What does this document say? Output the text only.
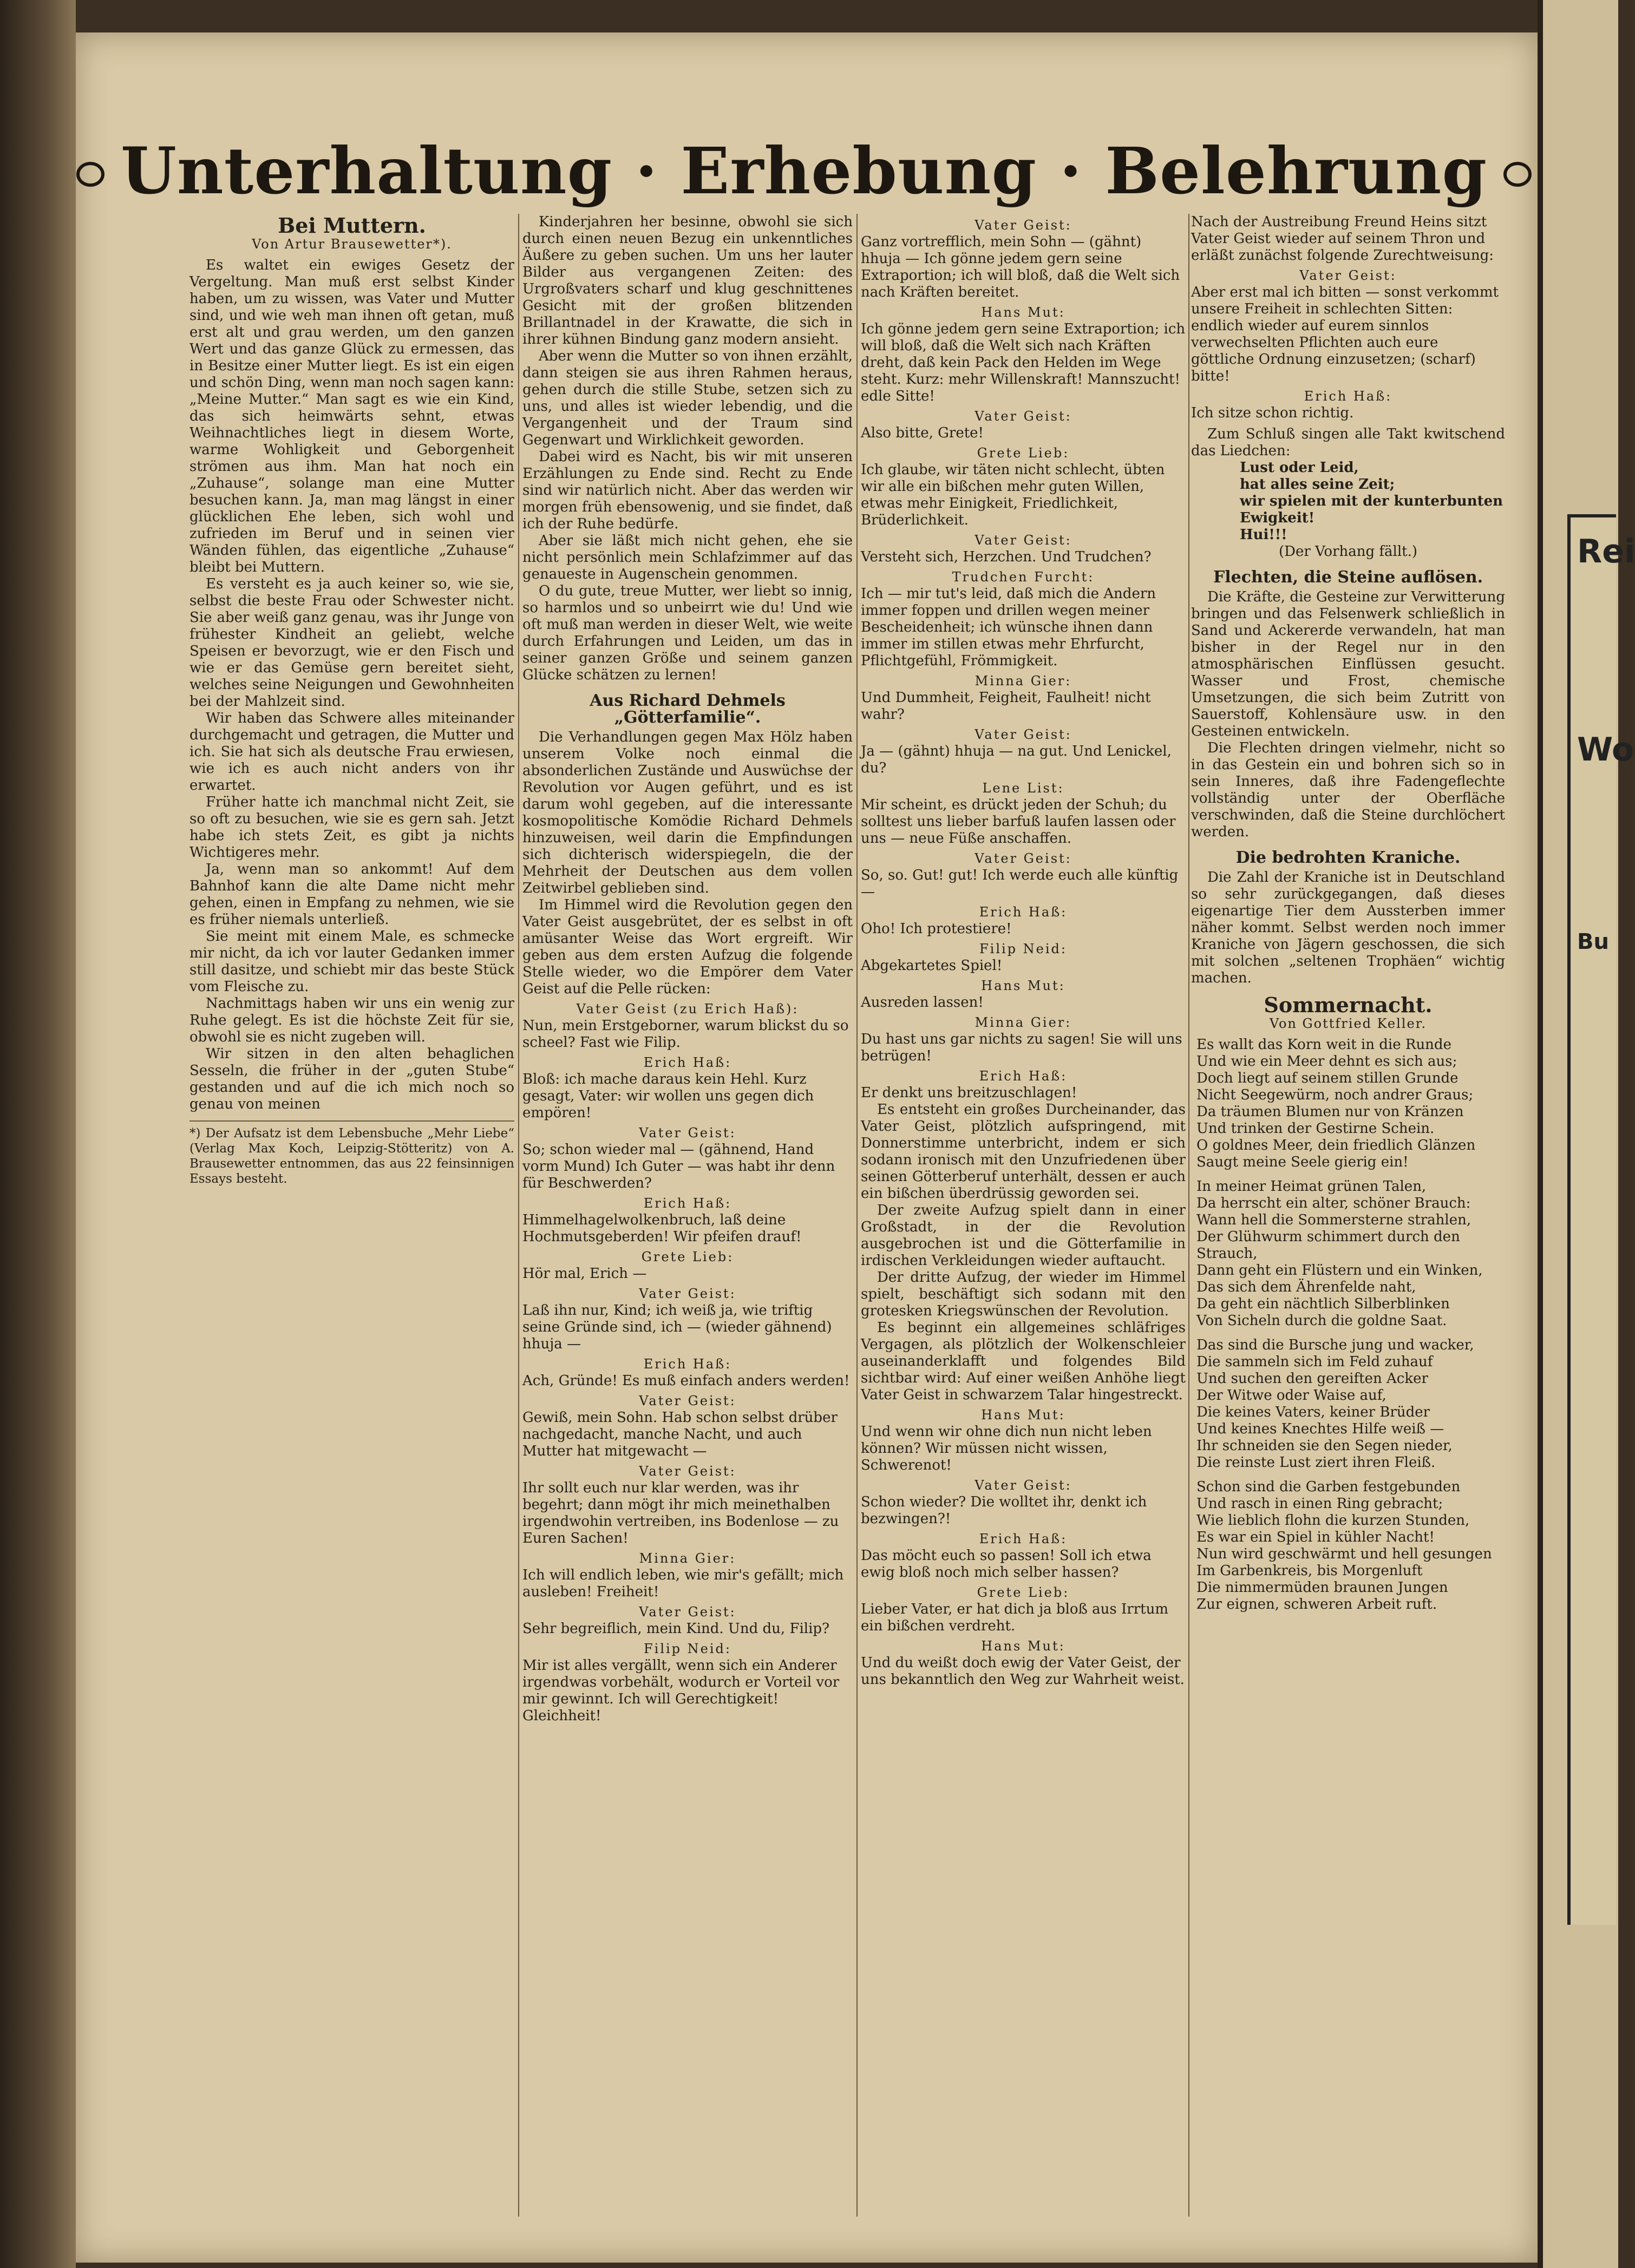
Rei
Wo
Bu
Unterhaltung · Erhebung · Belehrung
Bei Muttern.
Von Artur Brausewetter*).

Es waltet ein ewiges Gesetz der Vergeltung. Man muß erst selbst Kinder haben, um zu wissen, was Vater und Mutter sind, und wie weh man ihnen oft getan, muß erst alt und grau werden, um den ganzen Wert und das ganze Glück zu ermessen, das in Besitze einer Mutter liegt. Es ist ein eigen und schön Ding, wenn man noch sagen kann: „Meine Mutter.“ Man sagt es wie ein Kind, das sich heimwärts sehnt, etwas Weihnachtliches liegt in diesem Worte, warme Wohligkeit und Geborgenheit strömen aus ihm. Man hat noch ein „Zuhause“, solange man eine Mutter besuchen kann. Ja, man mag längst in einer glücklichen Ehe leben, sich wohl und zufrieden im Beruf und in seinen vier Wänden fühlen, das eigentliche „Zuhause“ bleibt bei Muttern.

Es versteht es ja auch keiner so, wie sie, selbst die beste Frau oder Schwester nicht. Sie aber weiß ganz genau, was ihr Junge von frühester Kindheit an geliebt, welche Speisen er bevorzugt, wie er den Fisch und wie er das Gemüse gern bereitet sieht, welches seine Neigungen und Gewohnheiten bei der Mahlzeit sind.

Wir haben das Schwere alles miteinander durchgemacht und getragen, die Mutter und ich. Sie hat sich als deutsche Frau erwiesen, wie ich es auch nicht anders von ihr erwartet.

Früher hatte ich manchmal nicht Zeit, sie so oft zu besuchen, wie sie es gern sah. Jetzt habe ich stets Zeit, es gibt ja nichts Wichtigeres mehr.

Ja, wenn man so ankommt! Auf dem Bahnhof kann die alte Dame nicht mehr gehen, einen in Empfang zu nehmen, wie sie es früher niemals unterließ.

Sie meint mit einem Male, es schmecke mir nicht, da ich vor lauter Gedanken immer still dasitze, und schiebt mir das beste Stück vom Fleische zu.

Nachmittags haben wir uns ein wenig zur Ruhe gelegt. Es ist die höchste Zeit für sie, obwohl sie es nicht zugeben will.

Wir sitzen in den alten behaglichen Sesseln, die früher in der „guten Stube“ gestanden und auf die ich mich noch so genau von meinen

*) Der Aufsatz ist dem Lebensbuche „Mehr Liebe“ (Verlag Max Koch, Leipzig-Stötteritz) von A. Brausewetter entnommen, das aus 22 feinsinnigen Essays besteht.

Kinderjahren her besinne, obwohl sie sich durch einen neuen Bezug ein unkenntliches Äußere zu geben suchen. Um uns her lauter Bilder aus vergangenen Zeiten: des Urgroßvaters scharf und klug geschnittenes Gesicht mit der großen blitzenden Brillantnadel in der Krawatte, die sich in ihrer kühnen Bindung ganz modern ansieht.

Aber wenn die Mutter so von ihnen erzählt, dann steigen sie aus ihren Rahmen heraus, gehen durch die stille Stube, setzen sich zu uns, und alles ist wieder lebendig, und die Vergangenheit und der Traum sind Gegenwart und Wirklichkeit geworden.

Dabei wird es Nacht, bis wir mit unseren Erzählungen zu Ende sind. Recht zu Ende sind wir natürlich nicht. Aber das werden wir morgen früh ebensowenig, und sie findet, daß ich der Ruhe bedürfe.

Aber sie läßt mich nicht gehen, ehe sie nicht persönlich mein Schlafzimmer auf das genaueste in Augenschein genommen.

O du gute, treue Mutter, wer liebt so innig, so harmlos und so unbeirrt wie du! Und wie oft muß man werden in dieser Welt, wie weite durch Erfahrungen und Leiden, um das in seiner ganzen Größe und seinem ganzen Glücke schätzen zu lernen!

Aus Richard Dehmels „Götterfamilie“.

Die Verhandlungen gegen Max Hölz haben unserem Volke noch einmal die absonderlichen Zustände und Auswüchse der Revolution vor Augen geführt, und es ist darum wohl gegeben, auf die interessante kosmopolitische Komödie Richard Dehmels hinzuweisen, weil darin die Empfindungen sich dichterisch widerspiegeln, die der Mehrheit der Deutschen aus dem vollen Zeitwirbel geblieben sind.

Im Himmel wird die Revolution gegen den Vater Geist ausgebrütet, der es selbst in oft amüsanter Weise das Wort ergreift. Wir geben aus dem ersten Aufzug die folgende Stelle wieder, wo die Empörer dem Vater Geist auf die Pelle rücken:

Vater Geist (zu Erich Haß):

Nun, mein Erstgeborner, warum blickst du so scheel? Fast wie Filip.

Erich Haß:

Bloß: ich mache daraus kein Hehl. Kurz gesagt, Vater: wir wollen uns gegen dich empören!

Vater Geist:

So; schon wieder mal — (gähnend, Hand vorm Mund) Ich Guter — was habt ihr denn für Beschwerden?

Erich Haß:

Himmelhagelwolkenbruch, laß deine Hochmutsgeberden! Wir pfeifen drauf!

Grete Lieb:

Hör mal, Erich —

Vater Geist:

Laß ihn nur, Kind; ich weiß ja, wie triftig seine Gründe sind, ich — (wieder gähnend) hhuja —

Erich Haß:

Ach, Gründe! Es muß einfach anders werden!

Vater Geist:

Gewiß, mein Sohn. Hab schon selbst drüber nachgedacht, manche Nacht, und auch Mutter hat mitgewacht —

Vater Geist:

Ihr sollt euch nur klar werden, was ihr begehrt; dann mögt ihr mich meinethalben irgendwohin vertreiben, ins Bodenlose — zu Euren Sachen!

Minna Gier:

Ich will endlich leben, wie mir's gefällt; mich ausleben! Freiheit!

Vater Geist:

Sehr begreiflich, mein Kind. Und du, Filip?

Filip Neid:

Mir ist alles vergällt, wenn sich ein Anderer irgendwas vorbehält, wodurch er Vorteil vor mir gewinnt. Ich will Gerechtigkeit! Gleichheit!

Vater Geist:

Ganz vortrefflich, mein Sohn — (gähnt) hhuja — Ich gönne jedem gern seine Extraportion; ich will bloß, daß die Welt sich nach Kräften bereitet.

Hans Mut:

Ich gönne jedem gern seine Extraportion; ich will bloß, daß die Welt sich nach Kräften dreht, daß kein Pack den Helden im Wege steht. Kurz: mehr Willenskraft! Mannszucht! edle Sitte!

Vater Geist:

Also bitte, Grete!

Grete Lieb:

Ich glaube, wir täten nicht schlecht, übten wir alle ein bißchen mehr guten Willen, etwas mehr Einigkeit, Friedlichkeit, Brüderlichkeit.

Vater Geist:

Versteht sich, Herzchen. Und Trudchen?

Trudchen Furcht:

Ich — mir tut's leid, daß mich die Andern immer foppen und drillen wegen meiner Bescheidenheit; ich wünsche ihnen dann immer im stillen etwas mehr Ehrfurcht, Pflichtgefühl, Frömmigkeit.

Minna Gier:

Und Dummheit, Feigheit, Faulheit! nicht wahr?

Vater Geist:

Ja — (gähnt) hhuja — na gut. Und Lenickel, du?

Lene List:

Mir scheint, es drückt jeden der Schuh; du solltest uns lieber barfuß laufen lassen oder uns — neue Füße anschaffen.

Vater Geist:

So, so. Gut! gut! Ich werde euch alle künftig —

Erich Haß:

Oho! Ich protestiere!

Filip Neid:

Abgekartetes Spiel!

Hans Mut:

Ausreden lassen!

Minna Gier:

Du hast uns gar nichts zu sagen! Sie will uns betrügen!

Erich Haß:

Er denkt uns breitzuschlagen!

Es entsteht ein großes Durcheinander, das Vater Geist, plötzlich aufspringend, mit Donnerstimme unterbricht, indem er sich sodann ironisch mit den Unzufriedenen über seinen Götterberuf unterhält, dessen er auch ein bißchen überdrüssig geworden sei.

Der zweite Aufzug spielt dann in einer Großstadt, in der die Revolution ausgebrochen ist und die Götterfamilie in irdischen Verkleidungen wieder auftaucht.

Der dritte Aufzug, der wieder im Himmel spielt, beschäftigt sich sodann mit den grotesken Kriegswünschen der Revolution.

Es beginnt ein allgemeines schläfriges Vergagen, als plötzlich der Wolkenschleier auseinanderklafft und folgendes Bild sichtbar wird: Auf einer weißen Anhöhe liegt Vater Geist in schwarzem Talar hingestreckt.

Hans Mut:

Und wenn wir ohne dich nun nicht leben können? Wir müssen nicht wissen, Schwerenot!

Vater Geist:

Schon wieder? Die wolltet ihr, denkt ich bezwingen?!

Erich Haß:

Das möcht euch so passen! Soll ich etwa ewig bloß noch mich selber hassen?

Grete Lieb:

Lieber Vater, er hat dich ja bloß aus Irrtum ein bißchen verdreht.

Hans Mut:

Und du weißt doch ewig der Vater Geist, der uns bekanntlich den Weg zur Wahrheit weist.

Nach der Austreibung Freund Heins sitzt Vater Geist wieder auf seinem Thron und erläßt zunächst folgende Zurechtweisung:

Vater Geist:

Aber erst mal ich bitten — sonst verkommt unsere Freiheit in schlechten Sitten: endlich wieder auf eurem sinnlos verwechselten Pflichten auch eure göttliche Ordnung einzusetzen; (scharf) bitte!

Erich Haß:

Ich sitze schon richtig.

Zum Schluß singen alle Takt kwitschend das Liedchen:

Lust oder Leid,

hat alles seine Zeit;

wir spielen mit der kunterbunten

Ewigkeit!

Hui!!!

(Der Vorhang fällt.)

Flechten, die Steine auflösen.

Die Kräfte, die Gesteine zur Verwitterung bringen und das Felsenwerk schließlich in Sand und Ackererde verwandeln, hat man bisher in der Regel nur in den atmosphärischen Einflüssen gesucht. Wasser und Frost, chemische Umsetzungen, die sich beim Zutritt von Sauerstoff, Kohlensäure usw. in den Gesteinen entwickeln.

Die Flechten dringen vielmehr, nicht so in das Gestein ein und bohren sich so in sein Inneres, daß ihre Fadengeflechte vollständig unter der Oberfläche verschwinden, daß die Steine durchlöchert werden.

Die bedrohten Kraniche.

Die Zahl der Kraniche ist in Deutschland so sehr zurückgegangen, daß dieses eigenartige Tier dem Aussterben immer näher kommt. Selbst werden noch immer Kraniche von Jägern geschossen, die sich mit solchen „seltenen Trophäen“ wichtig machen.

Sommernacht.
Von Gottfried Keller.

Es wallt das Korn weit in die Runde

Und wie ein Meer dehnt es sich aus;

Doch liegt auf seinem stillen Grunde

Nicht Seegewürm, noch andrer Graus;

Da träumen Blumen nur von Kränzen

Und trinken der Gestirne Schein.

O goldnes Meer, dein friedlich Glänzen

Saugt meine Seele gierig ein!

In meiner Heimat grünen Talen,

Da herrscht ein alter, schöner Brauch:

Wann hell die Sommersterne strahlen,

Der Glühwurm schimmert durch den Strauch,

Dann geht ein Flüstern und ein Winken,

Das sich dem Ährenfelde naht,

Da geht ein nächtlich Silberblinken

Von Sicheln durch die goldne Saat.

Das sind die Bursche jung und wacker,

Die sammeln sich im Feld zuhauf

Und suchen den gereiften Acker

Der Witwe oder Waise auf,

Die keines Vaters, keiner Brüder

Und keines Knechtes Hilfe weiß —

Ihr schneiden sie den Segen nieder,

Die reinste Lust ziert ihren Fleiß.

Schon sind die Garben festgebunden

Und rasch in einen Ring gebracht;

Wie lieblich flohn die kurzen Stunden,

Es war ein Spiel in kühler Nacht!

Nun wird geschwärmt und hell gesungen

Im Garbenkreis, bis Morgenluft

Die nimmermüden braunen Jungen

Zur eignen, schweren Arbeit ruft.
